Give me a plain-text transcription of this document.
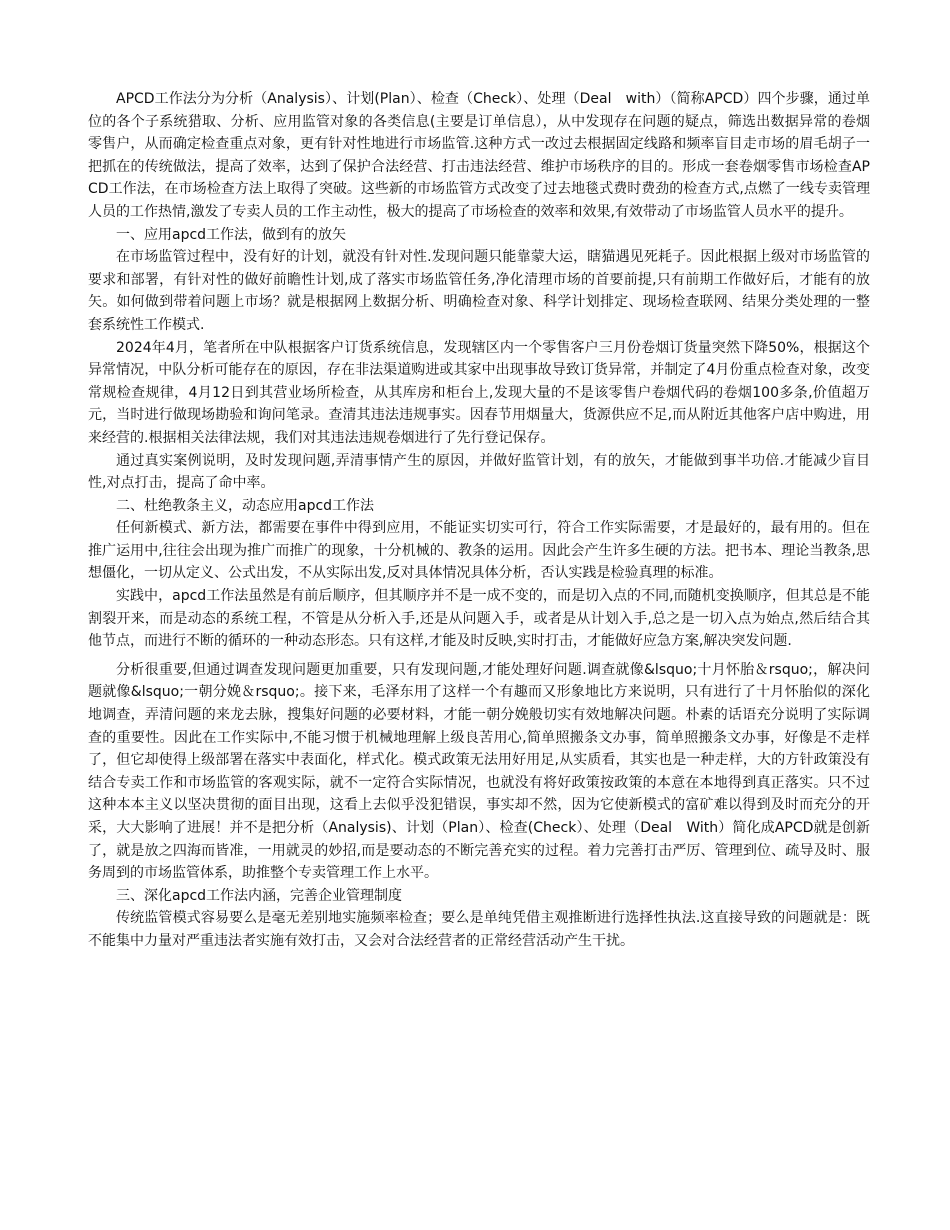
APCD工作法分为分析（Analysis）、计划(Plan）、检查（Check）、处理（Deal　with）（简称APCD）四个步骤，通过单位的各个子系统猎取、分析、应用监管对象的各类信息(主要是订单信息），从中发现存在问题的疑点，筛选出数据异常的卷烟零售户，从而确定检查重点对象，更有针对性地进行市场监管.这种方式一改过去根据固定线路和频率盲目走市场的眉毛胡子一把抓在的传统做法，提高了效率，达到了保护合法经营、打击违法经营、维护市场秩序的目的。形成一套卷烟零售市场检查APCD工作法，在市场检查方法上取得了突破。这些新的市场监管方式改变了过去地毯式费时费劲的检查方式,点燃了一线专卖管理人员的工作热情,激发了专卖人员的工作主动性，极大的提高了市场检查的效率和效果,有效带动了市场监管人员水平的提升。

一、应用apcd工作法，做到有的放矢

在市场监管过程中，没有好的计划，就没有针对性.发现问题只能靠蒙大运，瞎猫遇见死耗子。因此根据上级对市场监管的要求和部署，有针对性的做好前瞻性计划,成了落实市场监管任务,净化清理市场的首要前提,只有前期工作做好后，才能有的放矢。如何做到带着问题上市场？就是根据网上数据分析、明确检查对象、科学计划排定、现场检查联网、结果分类处理的一整套系统性工作模式.

2024年4月，笔者所在中队根据客户订货系统信息，发现辖区内一个零售客户三月份卷烟订货量突然下降50%，根据这个异常情况，中队分析可能存在的原因，存在非法渠道购进或其家中出现事故导致订货异常，并制定了4月份重点检查对象，改变常规检查规律，4月12日到其营业场所检查，从其库房和柜台上,发现大量的不是该零售户卷烟代码的卷烟100多条,价值超万元，当时进行做现场勘验和询问笔录。查清其违法违规事实。因春节用烟量大，货源供应不足,而从附近其他客户店中购进，用来经营的.根据相关法律法规，我们对其违法违规卷烟进行了先行登记保存。

通过真实案例说明，及时发现问题,弄清事情产生的原因，并做好监管计划，有的放矢，才能做到事半功倍.才能减少盲目性,对点打击，提高了命中率。

二、杜绝教条主义，动态应用apcd工作法

任何新模式、新方法，都需要在事件中得到应用，不能证实切实可行，符合工作实际需要，才是最好的，最有用的。但在推广运用中,往往会出现为推广而推广的现象，十分机械的、教条的运用。因此会产生许多生硬的方法。把书本、理论当教条,思想僵化，一切从定义、公式出发，不从实际出发,反对具体情况具体分析，否认实践是检验真理的标准。

实践中，apcd工作法虽然是有前后顺序，但其顺序并不是一成不变的，而是切入点的不同,而随机变换顺序，但其总是不能割裂开来，而是动态的系统工程，不管是从分析入手,还是从问题入手，或者是从计划入手,总之是一切入点为始点,然后结合其他节点，而进行不断的循环的一种动态形态。只有这样,才能及时反映,实时打击，才能做好应急方案,解决突发问题.

分析很重要,但通过调查发现问题更加重要，只有发现问题,才能处理好问题.调查就像&lsquo;十月怀胎＆rsquo;，解决问题就像&lsquo;一朝分娩＆rsquo;。接下来，毛泽东用了这样一个有趣而又形象地比方来说明，只有进行了十月怀胎似的深化地调查，弄清问题的来龙去脉，搜集好问题的必要材料，才能一朝分娩般切实有效地解决问题。朴素的话语充分说明了实际调查的重要性。因此在工作实际中,不能习惯于机械地理解上级良苦用心,简单照搬条文办事，简单照搬条文办事，好像是不走样了，但它却使得上级部署在落实中表面化，样式化。模式政策无法用好用足,从实质看，其实也是一种走样，大的方针政策没有结合专卖工作和市场监管的客观实际，就不一定符合实际情况，也就没有将好政策按政策的本意在本地得到真正落实。只不过这种本本主义以坚决贯彻的面目出现，这看上去似乎没犯错误，事实却不然，因为它使新模式的富矿难以得到及时而充分的开采，大大影响了进展！并不是把分析（Analysis)、计划（Plan）、检查(Check）、处理（Deal　With）简化成APCD就是创新了，就是放之四海而皆准，一用就灵的妙招,而是要动态的不断完善充实的过程。着力完善打击严厉、管理到位、疏导及时、服务周到的市场监管体系，助推整个专卖管理工作上水平。

三、深化apcd工作法内涵，完善企业管理制度

传统监管模式容易要么是毫无差别地实施频率检查；要么是单纯凭借主观推断进行选择性执法.这直接导致的问题就是：既不能集中力量对严重违法者实施有效打击，又会对合法经营者的正常经营活动产生干扰。
